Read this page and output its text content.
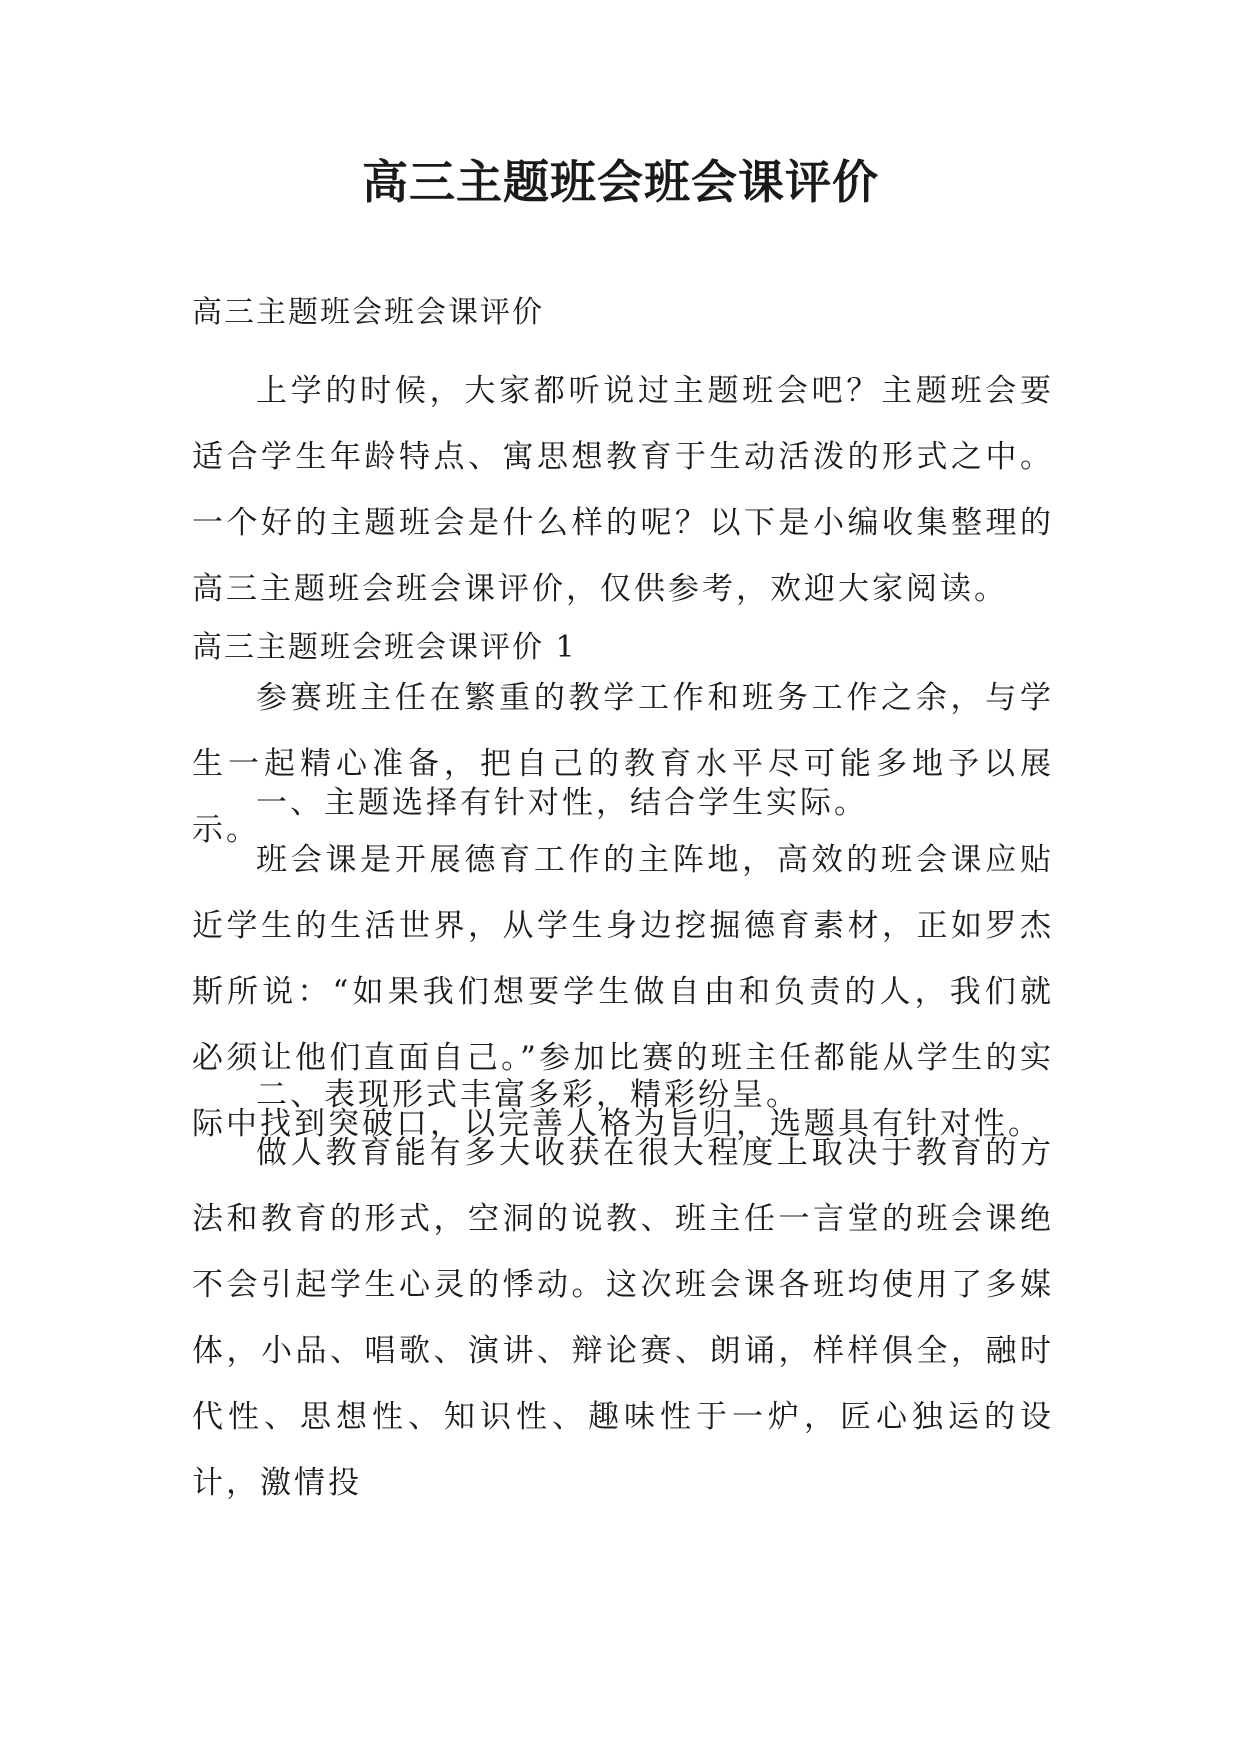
高三主题班会班会课评价

高三主题班会班会课评价

上学的时候，大家都听说过主题班会吧？主题班会要适合学生年龄特点、寓思想教育于生动活泼的形式之中。一个好的主题班会是什么样的呢？以下是小编收集整理的高三主题班会班会课评价，仅供参考，欢迎大家阅读。

高三主题班会班会课评价 1

参赛班主任在繁重的教学工作和班务工作之余，与学生一起精心准备，把自己的教育水平尽可能多地予以展示。

一、主题选择有针对性，结合学生实际。

班会课是开展德育工作的主阵地，高效的班会课应贴近学生的生活世界，从学生身边挖掘德育素材，正如罗杰斯所说：“如果我们想要学生做自由和负责的人，我们就必须让他们直面自己。”参加比赛的班主任都能从学生的实际中找到突破口，以完善人格为旨归，选题具有针对性。

二、表现形式丰富多彩，精彩纷呈。

做人教育能有多大收获在很大程度上取决于教育的方法和教育的形式，空洞的说教、班主任一言堂的班会课绝不会引起学生心灵的悸动。这次班会课各班均使用了多媒体，小品、唱歌、演讲、辩论赛、朗诵，样样俱全，融时代性、思想性、知识性、趣味性于一炉，匠心独运的设计，激情投
